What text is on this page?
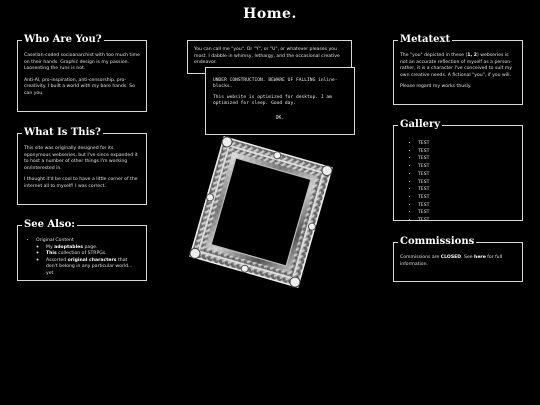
Home.
Who Are You?

Casellan-coded socioanarchist with too much time on their hands. Graphic design is my passion. Loosenting the runs is not.

Anti-AI, pro-inspiration, anti-censorship, pro-creativity. I built a world with my bare hands. So can you.

What Is This?

This site was originally designed for its eponymous webseries, but I've since expanded it to host a number of other things I'm working on/interested in.

I thought it'd be cool to have a little corner of the internet all to myself! I was correct.

See Also:
• Original Content
◦ My adoptables page.
◦ This collection of STRPGs.
◦ Assorted original characters that don't belong in any particular world... yet.

You can call me "you". Or "Y", or "U", or whatever pleases you most. I dabble in whimsy, lethargy, and the occasional creative endeavor.

UNDER CONSTRUCTION. BEWARE OF FALLING inline-blocks.

This website is optimized for desktop. I am optimized for sleep. Good day.

OK.
Metatext

The "you" depicted in these (1, 2) webseries is not an accurate reflection of myself as a person-rather, it is a character I've conceived to suit my own creative needs. A fictional "you", if you will.

Please regard my works thusly.

Gallery
• TEST
• TEST
• TEST
• TEST
• TEST
• TEST
• TEST
• TEST
• TEST
• TEST
• TEST
Commissions

Commissions are CLOSED. See here for full information.
